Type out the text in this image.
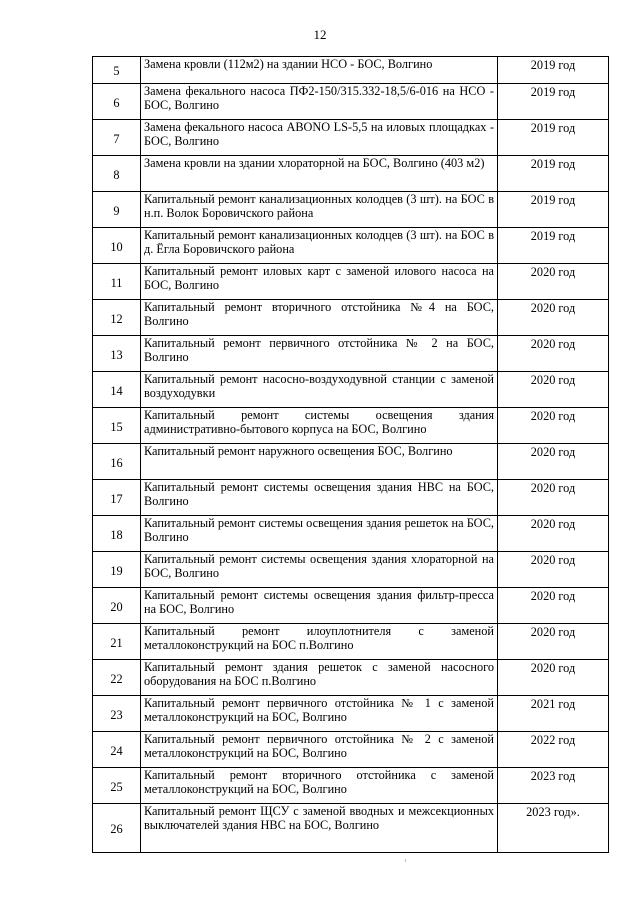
12
5	Замена кровли (112м2) на здании НСО - БОС, Волгино	2019 год
6	Замена фекального насоса ПФ2-150/315.332-18,5/6-016 на НСО - БОС, Волгино	2019 год
7	Замена фекального насоса ABONO LS-5,5 на иловых площадках - БОС, Волгино	2019 год
8	Замена кровли на здании хлораторной на БОС, Волгино (403 м2)	2019 год
9	Капитальный ремонт канализационных колодцев (3 шт). на БОС в н.п. Волок Боровичского района	2019 год
10	Капитальный ремонт канализационных колодцев (3 шт). на БОС в д. Ёгла Боровичского района	2019 год
11	Капитальный ремонт иловых карт с заменой илового насоса на БОС, Волгино	2020 год
12	Капитальный ремонт вторичного отстойника №4 на БОС, Волгино	2020 год
13	Капитальный ремонт первичного отстойника № 2 на БОС, Волгино	2020 год
14	Капитальный ремонт насосно-воздуходувной станции с заменой воздуходувки	2020 год
15	Капитальный ремонт системы освещения здания административно-бытового корпуса на БОС, Волгино	2020 год
16	Капитальный ремонт наружного освещения БОС, Волгино	2020 год
17	Капитальный ремонт системы освещения здания НВС на БОС, Волгино	2020 год
18	Капитальный ремонт системы освещения здания решеток на БОС, Волгино	2020 год
19	Капитальный ремонт системы освещения здания хлораторной на БОС, Волгино	2020 год
20	Капитальный ремонт системы освещения здания фильтр-пресса на БОС, Волгино	2020 год
21	Капитальный ремонт илоуплотнителя с заменой металлоконструкций на БОС п.Волгино	2020 год
22	Капитальный ремонт здания решеток с заменой насосного оборудования на БОС п.Волгино	2020 год
23	Капитальный ремонт первичного отстойника № 1 с заменой металлоконструкций на БОС, Волгино	2021 год
24	Капитальный ремонт первичного отстойника № 2 с заменой металлоконструкций на БОС, Волгино	2022 год
25	Капитальный ремонт вторичного отстойника с заменой металлоконструкций на БОС, Волгино	2023 год
26	Капитальный ремонт ЩСУ с заменой вводных и межсекционных выключателей здания НВС на БОС, Волгино	2023 год».
